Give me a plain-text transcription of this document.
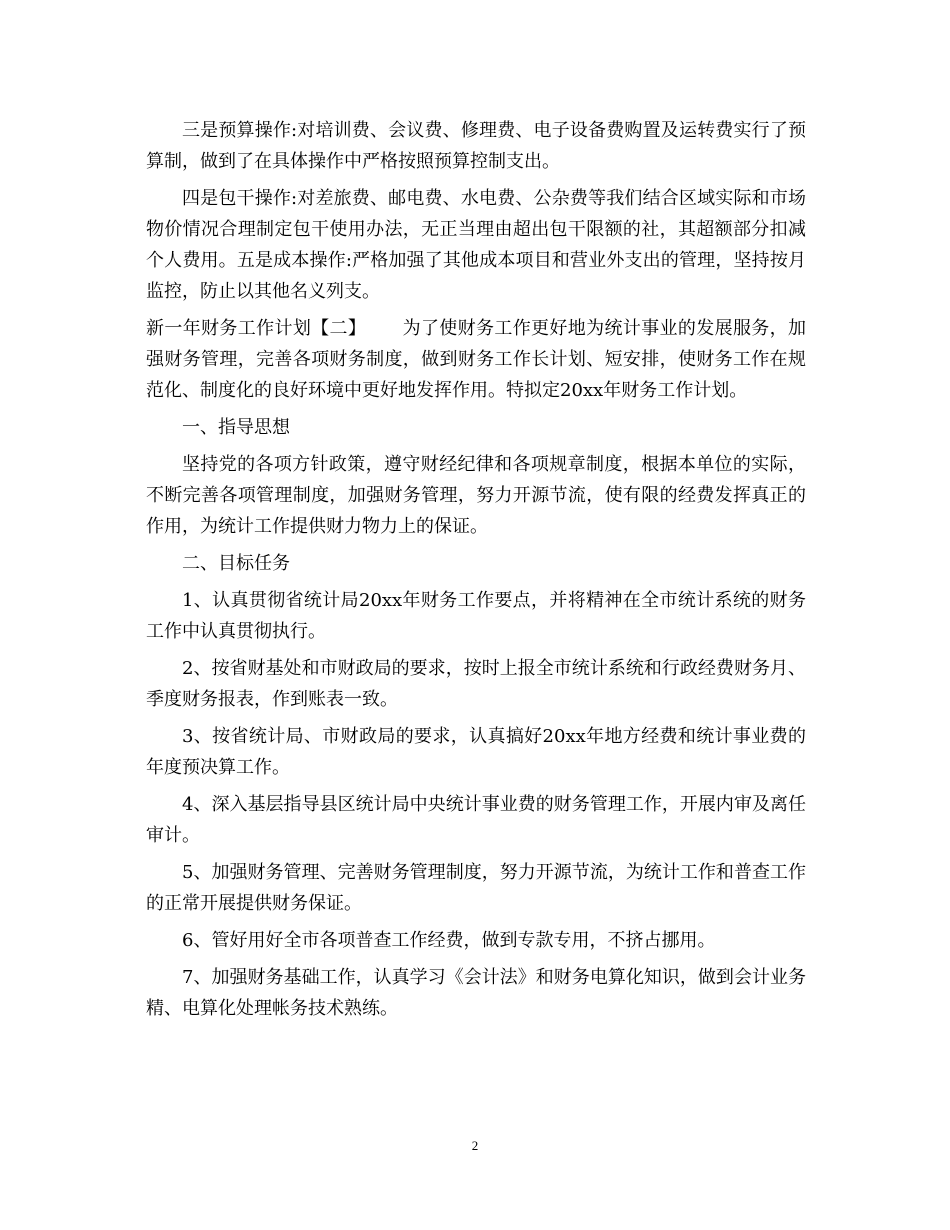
三是预算操作:对培训费、会议费、修理费、电子设备费购置及运转费实行了预算制，做到了在具体操作中严格按照预算控制支出。

四是包干操作:对差旅费、邮电费、水电费、公杂费等我们结合区域实际和市场物价情况合理制定包干使用办法，无正当理由超出包干限额的社，其超额部分扣减个人费用。五是成本操作:严格加强了其他成本项目和营业外支出的管理，坚持按月监控，防止以其他名义列支。

新一年财务工作计划【二】 为了使财务工作更好地为统计事业的发展服务，加强财务管理，完善各项财务制度，做到财务工作长计划、短安排，使财务工作在规范化、制度化的良好环境中更好地发挥作用。特拟定20xx年财务工作计划。

一、指导思想

坚持党的各项方针政策，遵守财经纪律和各项规章制度，根据本单位的实际，不断完善各项管理制度，加强财务管理，努力开源节流，使有限的经费发挥真正的作用，为统计工作提供财力物力上的保证。

二、目标任务

1、认真贯彻省统计局20xx年财务工作要点，并将精神在全市统计系统的财务工作中认真贯彻执行。

2、按省财基处和市财政局的要求，按时上报全市统计系统和行政经费财务月、季度财务报表，作到账表一致。

3、按省统计局、市财政局的要求，认真搞好20xx年地方经费和统计事业费的年度预决算工作。

4、深入基层指导县区统计局中央统计事业费的财务管理工作，开展内审及离任审计。

5、加强财务管理、完善财务管理制度，努力开源节流，为统计工作和普查工作的正常开展提供财务保证。

6、管好用好全市各项普查工作经费，做到专款专用，不挤占挪用。

7、加强财务基础工作，认真学习《会计法》和财务电算化知识，做到会计业务精、电算化处理帐务技术熟练。

2
